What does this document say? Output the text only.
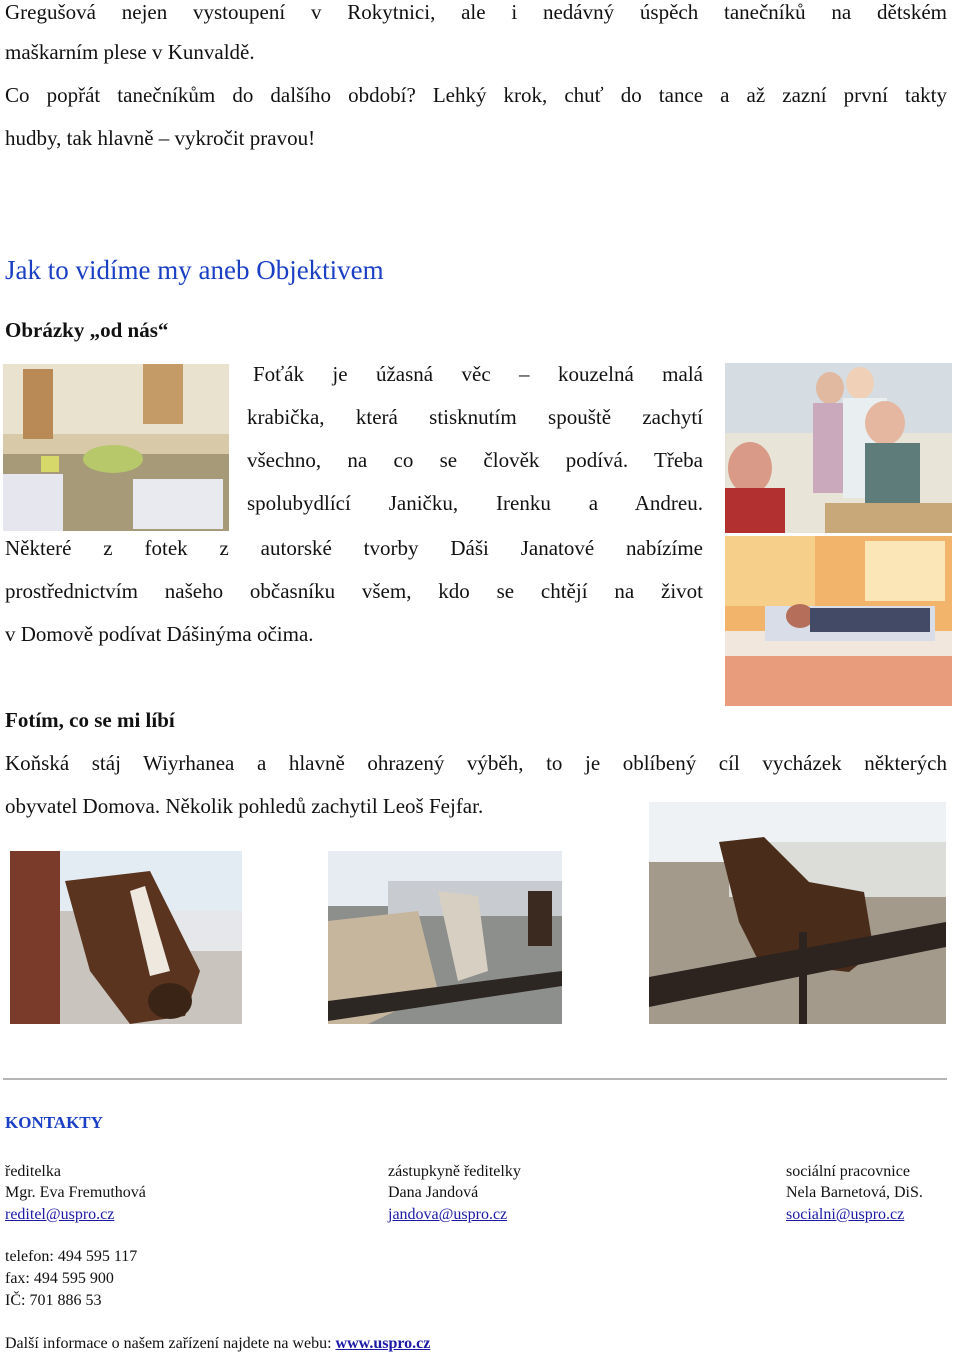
Gregušová nejen vystoupení v Rokytnici, ale i nedávný úspěch tanečníků na dětském
maškarním plese v Kunvaldě.
Co popřát tanečníkům do dalšího období? Lehký krok, chuť do tance a až zazní první takty
hudby, tak hlavně – vykročit pravou!
Jak to vidíme my aneb Objektivem
Obrázky „od nás“
Foťák je úžasná věc – kouzelná malá
krabička, která stisknutím spouště zachytí
všechno, na co se člověk podívá. Třeba
spolubydlící Janičku, Irenku a Andreu.
Některé z fotek z autorské tvorby Dáši Janatové nabízíme
prostřednictvím našeho občasníku všem, kdo se chtějí na život
v Domově podívat Dášinýma očima.
Fotím, co se mi líbí
Koňská stáj Wiyrhanea a hlavně ohrazený výběh, to je oblíbený cíl vycházek některých
obyvatel Domova. Několik pohledů zachytil Leoš Fejfar.
KONTAKTY
ředitelka
Mgr. Eva Fremuthová
reditel@uspro.cz
zástupkyně ředitelky
Dana Jandová
jandova@uspro.cz
sociální pracovnice
Nela Barnetová, DiS.
socialni@uspro.cz
telefon: 494 595 117
fax: 494 595 900
IČ: 701 886 53
Další informace o našem zařízení najdete na webu: www.uspro.cz
